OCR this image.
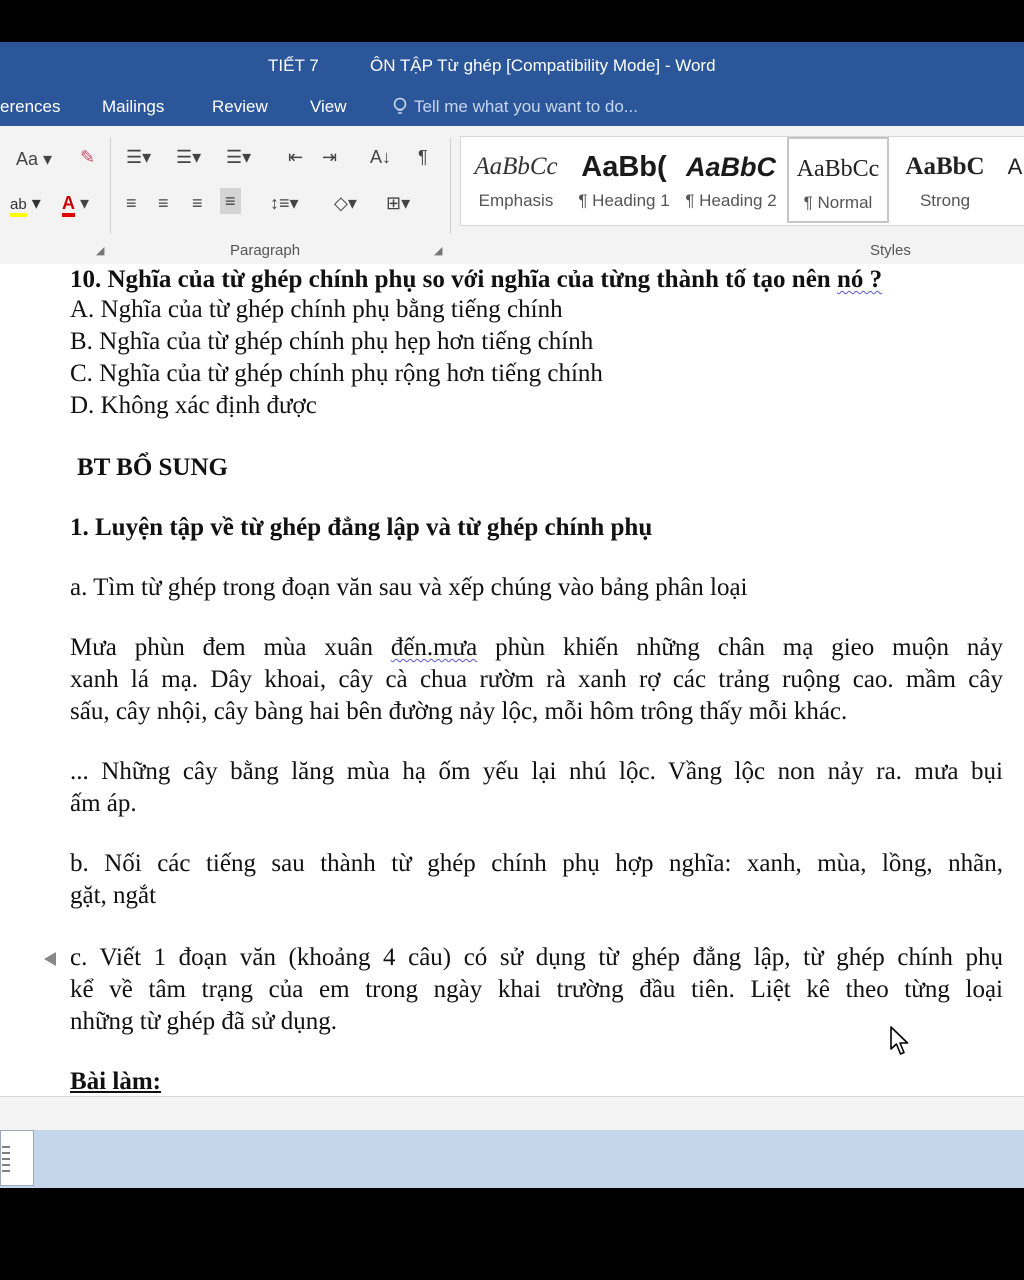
TIẾT 7	ÔN TẬP Từ ghép [Compatibility Mode] - Word
erences Mailings	Review View	Tell me what you want to do...
Aa ▾ ✎
ab ▾ A ▾
☰▾ ☰▾ ☰▾ ⇤ ⇥ A↓ ¶
≡ ≡ ≡ ≡ ↕≡▾ ◇▾ ⊞▾
◢	Paragraph	◢
AaBbCc
Emphasis
AaBb(
¶ Heading 1
AaBbC
¶ Heading 2
AaBbCc
¶ Normal
AaBbC
Strong
A
Styles
10. Nghĩa của từ ghép chính phụ so với nghĩa của từng thành tố tạo nên nó ?
A. Nghĩa của từ ghép chính phụ bằng tiếng chính
B. Nghĩa của từ ghép chính phụ hẹp hơn tiếng chính
C. Nghĩa của từ ghép chính phụ rộng hơn tiếng chính
D. Không xác định được
BT BỔ SUNG
1. Luyện tập về từ ghép đẳng lập và từ ghép chính phụ
a. Tìm từ ghép trong đoạn văn sau và xếp chúng vào bảng phân loại
Mưa phùn đem mùa xuân đến.mưa phùn khiến những chân mạ gieo muộn nảy
xanh lá mạ. Dây khoai, cây cà chua rườm rà xanh rợ các trảng ruộng cao. mầm cây
sấu, cây nhội, cây bàng hai bên đường nảy lộc, mỗi hôm trông thấy mỗi khác.
... Những cây bằng lăng mùa hạ ốm yếu lại nhú lộc. Vầng lộc non nảy ra. mưa bụi
ấm áp.
b. Nối các tiếng sau thành từ ghép chính phụ hợp nghĩa: xanh, mùa, lồng, nhãn,
gặt, ngắt
c. Viết 1 đoạn văn (khoảng 4 câu) có sử dụng từ ghép đẳng lập, từ ghép chính phụ
kể về tâm trạng của em trong ngày khai trường đầu tiên. Liệt kê theo từng loại
những từ ghép đã sử dụng.
Bài làm:
